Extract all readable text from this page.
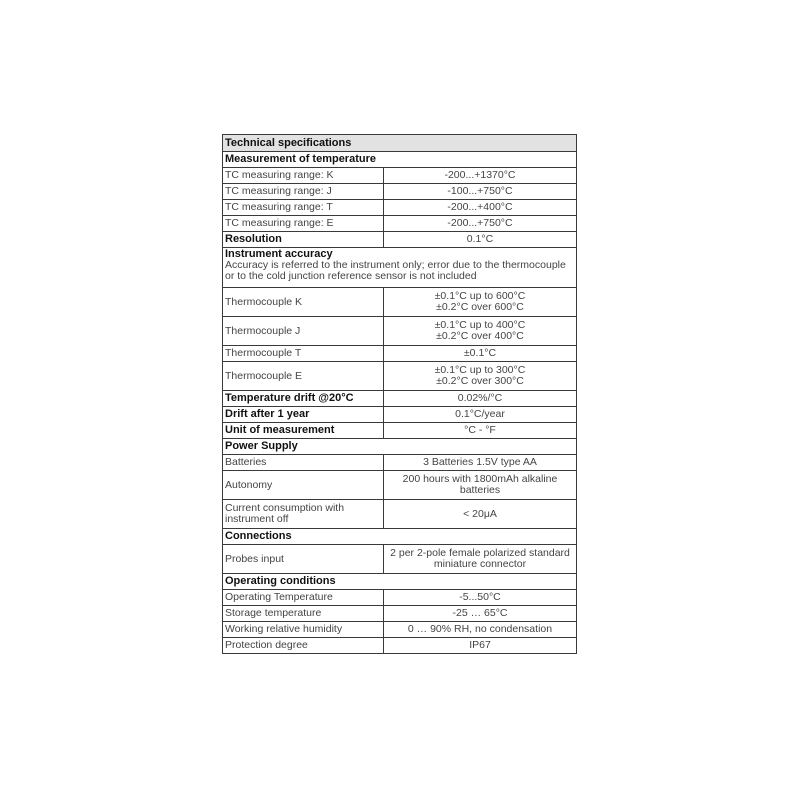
Technical specifications	
Measurement of temperature	
TC measuring range: K	-200...+1370°C
TC measuring range: J	-100...+750°C
TC measuring range: T	-200...+400°C
TC measuring range: E	-200...+750°C
Resolution	0.1°C

Instrument accuracy
Accuracy is referred to the instrument only; error due to the thermocouple
or to the cold junction reference sensor is not included	

Thermocouple K	±0.1°C up to 600°C
±0.2°C over 600°C

Thermocouple J	±0.1°C up to 400°C
±0.2°C over 400°C

Thermocouple T	±0.1°C
Thermocouple E	±0.1°C up to 300°C
±0.2°C over 300°C

Temperature drift @20°C	0.02%/°C
Drift after 1 year	0.1°C/year
Unit of measurement	°C - °F
Power Supply	
Batteries	3 Batteries 1.5V type AA
Autonomy	200 hours with 1800mAh alkaline
batteries

Current consumption with
instrument off	< 20μA
Connections	
Probes input	2 per 2-pole female polarized standard
miniature connector

Operating conditions	
Operating Temperature	-5...50°C
Storage temperature	-25 … 65°C
Working relative humidity	0 … 90% RH, no condensation
Protection degree	IP67
